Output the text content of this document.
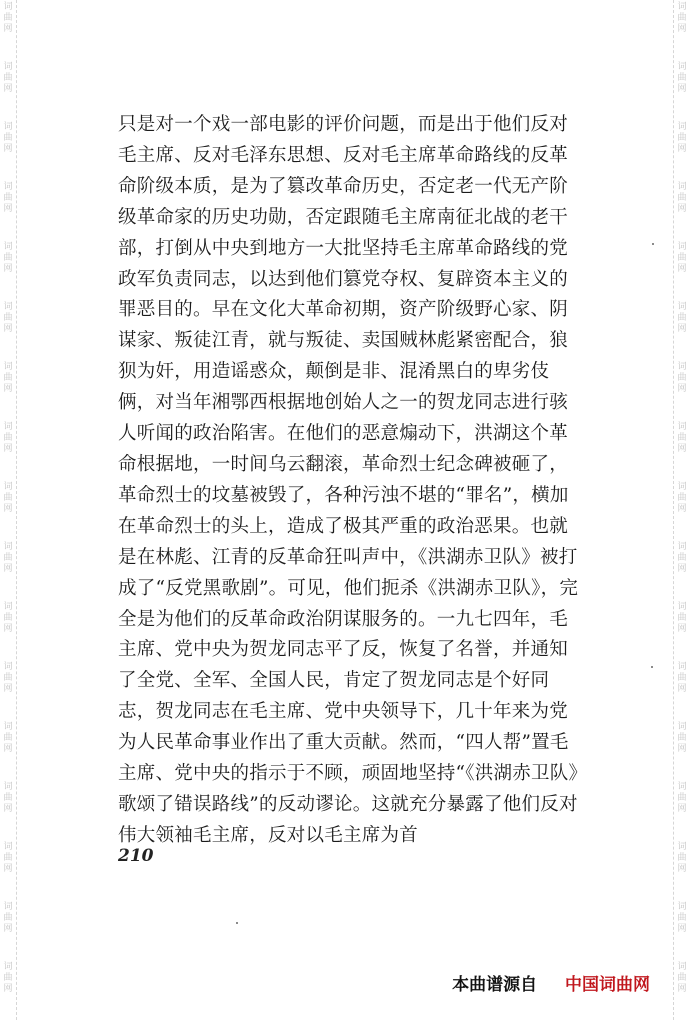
词
曲
网
词
曲
网
词
曲
网
词
曲
网
词
曲
网
词
曲
网
词
曲
网
词
曲
网
词
曲
网
词
曲
网
词
曲
网
词
曲
网
词
曲
网
词
曲
网
词
曲
网
词
曲
网
词
曲
网
词
曲
网
词
曲
网
词
曲
网
词
曲
网
词
曲
网
词
曲
网
词
曲
网
词
曲
网
词
曲
网
词
曲
网
词
曲
网
词
曲
网
词
曲
网
词
曲
网
词
曲
网
词
曲
网
词
曲
网

只是对一个戏一部电影的评价问题，而是出于他们反对毛主席、反对毛泽东思想、反对毛主席革命路线的反革命阶级本质，是为了篡改革命历史，否定老一代无产阶级革命家的历史功勋，否定跟随毛主席南征北战的老干部，打倒从中央到地方一大批坚持毛主席革命路线的党政军负责同志，以达到他们篡党夺权、复辟资本主义的罪恶目的。早在文化大革命初期，资产阶级野心家、阴谋家、叛徒江青，就与叛徒、卖国贼林彪紧密配合，狼狈为奸，用造谣惑众，颠倒是非、混淆黑白的卑劣伎俩，对当年湘鄂西根据地创始人之一的贺龙同志进行骇人听闻的政治陷害。在他们的恶意煽动下，洪湖这个革命根据地，一时间乌云翻滚，革命烈士纪念碑被砸了，革命烈士的坟墓被毁了，各种污浊不堪的“罪名”，横加在革命烈士的头上，造成了极其严重的政治恶果。也就是在林彪、江青的反革命狂叫声中，《洪湖赤卫队》被打成了“反党黑歌剧”。可见，他们扼杀《洪湖赤卫队》，完全是为他们的反革命政治阴谋服务的。一九七四年，毛主席、党中央为贺龙同志平了反，恢复了名誉，并通知了全党、全军、全国人民，肯定了贺龙同志是个好同志，贺龙同志在毛主席、党中央领导下，几十年来为党为人民革命事业作出了重大贡献。然而，“四人帮”置毛主席、党中央的指示于不顾，顽固地坚持“《洪湖赤卫队》歌颂了错误路线”的反动谬论。这就充分暴露了他们反对伟大领袖毛主席，反对以毛主席为首

210
本曲谱源自 中国词曲网
